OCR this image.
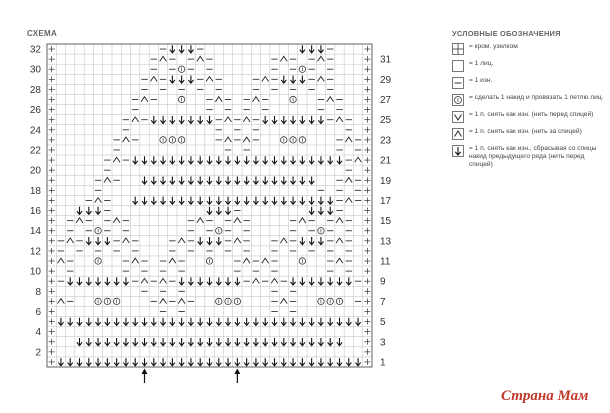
СХЕМА
32
30
28
26
24
22
20
18
16
14
12
10
8
6
4
2
31
29
27
25
23
21
19
17
15
13
11
9
7
5
3
1
УСЛОВНЫЕ ОБОЗНАЧЕНИЯ
= кром. узелком
= 1 лиц.
= 1 изн.
= сделать 1 накид и провязать 1 петлю лиц.
= 1 п. снять как изн. (нить перед спицей)
= 1 п. снять как изн. (нить за спицей)
= 1 п. снять как изн., сбрасывая со спицы накид предыдущего ряда (нить перед спицей)
Страна Мам
